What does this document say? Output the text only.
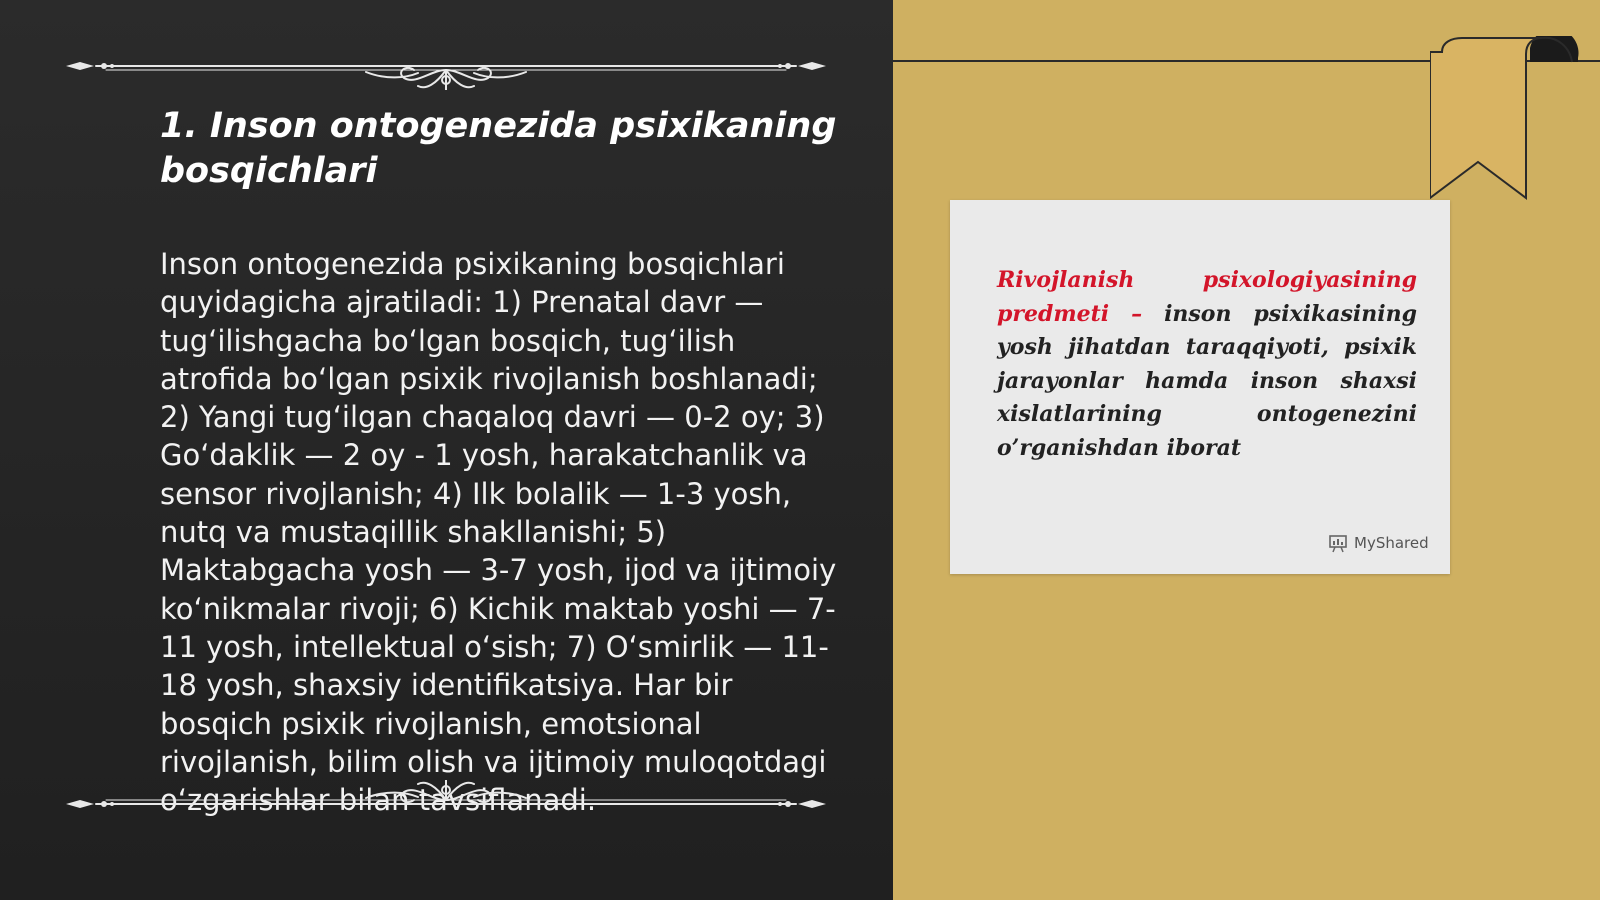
1. Inson ontogenezida psixikaning bosqichlari

Inson ontogenezida psixikaning bosqichlari quyidagicha ajratiladi: 1) Prenatal davr — tug‘ilishgacha bo‘lgan bosqich, tug‘ilish atrofida bo‘lgan psixik rivojlanish boshlanadi; 2) Yangi tug‘ilgan chaqaloq davri — 0-2 oy; 3) Go‘daklik — 2 oy - 1 yosh, harakatchanlik va sensor rivojlanish; 4) Ilk bolalik — 1-3 yosh, nutq va mustaqillik shakllanishi; 5) Maktabgacha yosh — 3-7 yosh, ijod va ijtimoiy ko‘nikmalar rivoji; 6) Kichik maktab yoshi — 7-11 yosh, intellektual o‘sish; 7) O‘smirlik — 11-18 yosh, shaxsiy identifikatsiya. Har bir bosqich psixik rivojlanish, emotsional rivojlanish, bilim olish va ijtimoiy muloqotdagi o‘zgarishlar bilan tavsiflanadi.

Rivojlanish psixologiyasining predmeti – inson psixikasining yosh jihatdan taraqqiyoti, psixik jarayonlar hamda inson shaxsi xislatlarining ontogenezini o’rganishdan iborat

MyShared
